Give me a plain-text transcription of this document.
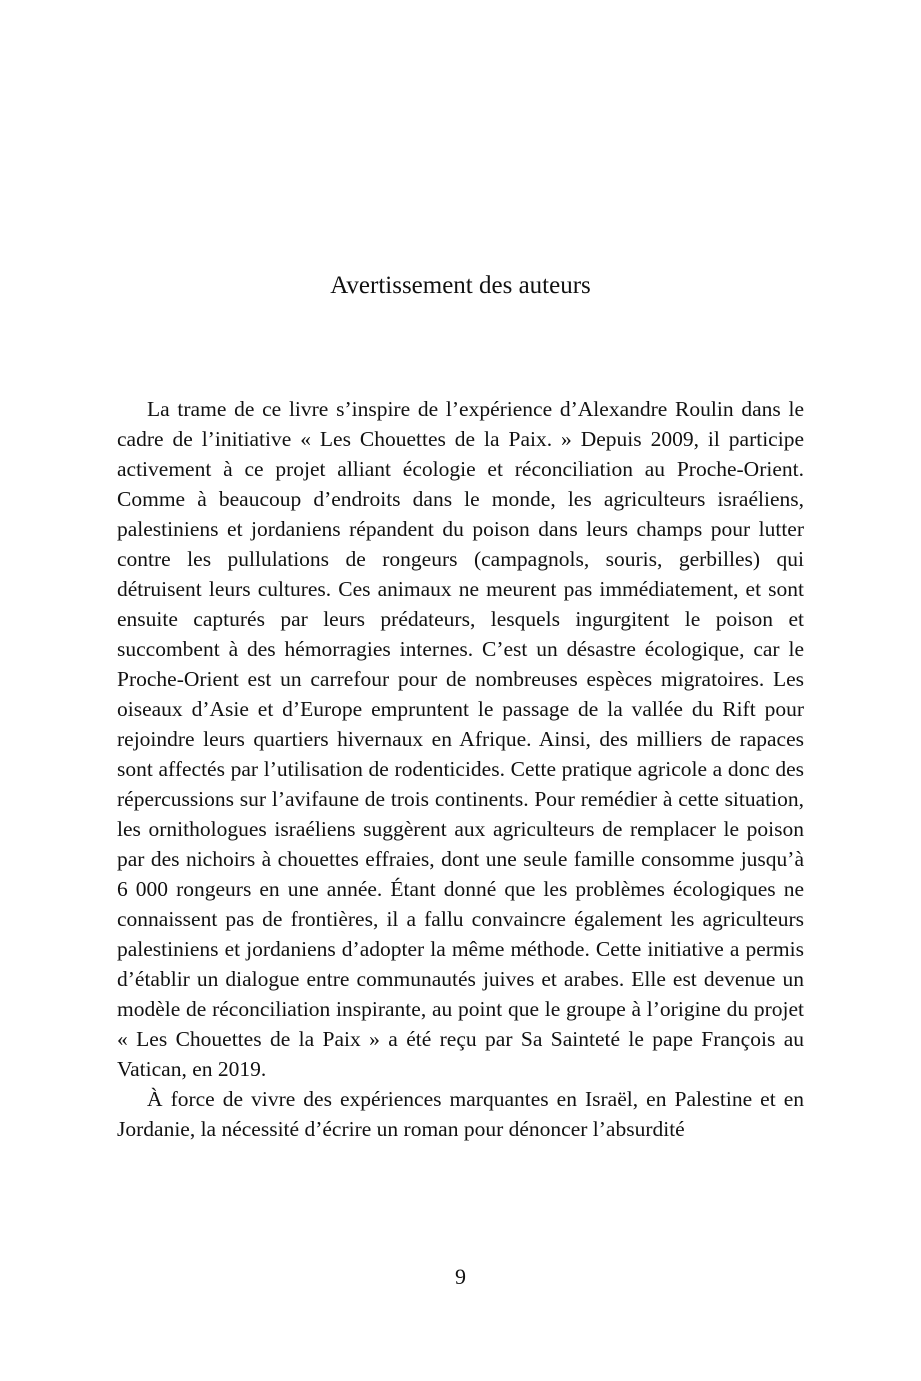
Avertissement des auteurs

La trame de ce livre s’inspire de l’expérience d’Alexandre Roulin dans le cadre de l’initiative « Les Chouettes de la Paix. » Depuis 2009, il participe activement à ce projet alliant écologie et réconciliation au Proche-Orient. Comme à beaucoup d’endroits dans le monde, les agriculteurs israéliens, palestiniens et jordaniens répandent du poison dans leurs champs pour lutter contre les pullulations de rongeurs (campagnols, souris, gerbilles) qui détruisent leurs cultures. Ces animaux ne meurent pas immédiatement, et sont ensuite capturés par leurs prédateurs, lesquels ingurgitent le poison et succombent à des hémorragies internes. C’est un désastre écologique, car le Proche-Orient est un carrefour pour de nombreuses espèces migratoires. Les oiseaux d’Asie et d’Europe empruntent le passage de la vallée du Rift pour rejoindre leurs quartiers hivernaux en Afrique. Ainsi, des milliers de rapaces sont affectés par l’utilisation de rodenticides. Cette pratique agricole a donc des répercussions sur l’avifaune de trois continents. Pour remédier à cette situation, les ornithologues israéliens suggèrent aux agriculteurs de remplacer le poison par des nichoirs à chouettes effraies, dont une seule famille consomme jusqu’à 6 000 rongeurs en une année. Étant donné que les problèmes écologiques ne connaissent pas de frontières, il a fallu convaincre également les agriculteurs palestiniens et jordaniens d’adopter la même méthode. Cette initiative a permis d’établir un dialogue entre communautés juives et arabes. Elle est devenue un modèle de réconciliation inspirante, au point que le groupe à l’origine du projet « Les Chouettes de la Paix » a été reçu par Sa Sainteté le pape François au Vatican, en 2019.

À force de vivre des expériences marquantes en Israël, en Palestine et en Jordanie, la nécessité d’écrire un roman pour dénoncer l’absurdité

9
